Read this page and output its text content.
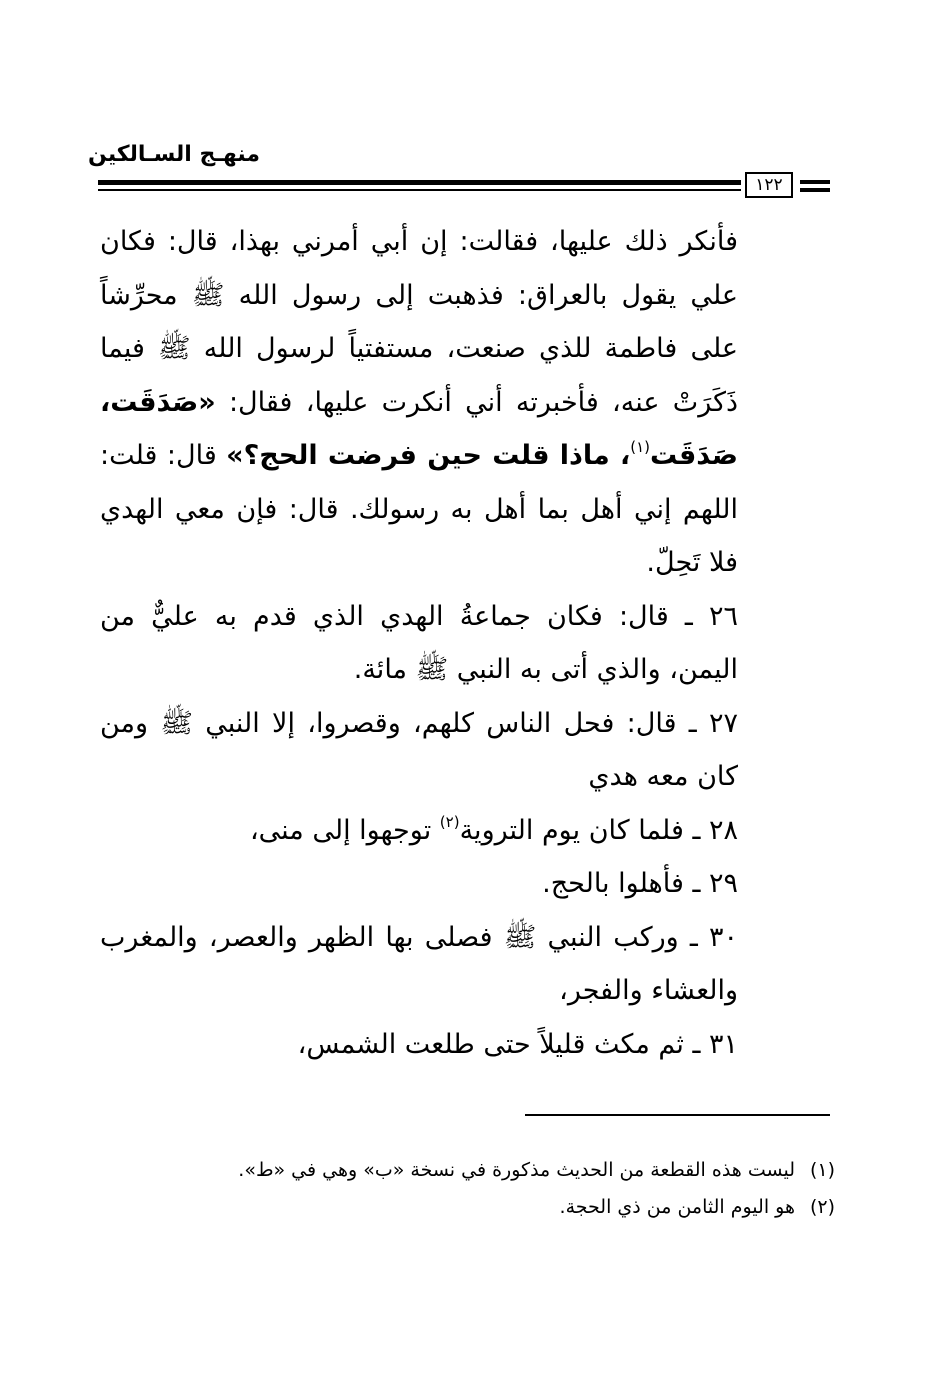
منهـج السـالكين
١٢٢

فأنكر ذلك عليها، فقالت: إن أبي أمرني بهذا، قال: فكان علي يقول بالعراق: فذهبت إلى رسول الله ﷺ محرِّشاً على فاطمة للذي صنعت، مستفتياً لرسول الله ﷺ فيما ذَكَرَتْ عنه، فأخبرته أني أنكرت عليها، فقال: «صَدَقَت، صَدَقَت$^{(١)}$، ماذا قلت حين فرضت الحج؟» قال: قلت: اللهم إني أهل بما أهل به رسولك. قال: فإن معي الهدي فلا تَحِلّ.

٢٦ ـ قال: فكان جماعةُ الهدي الذي قدم به عليٌّ من اليمن، والذي أتى به النبي ﷺ مائة.

٢٧ ـ قال: فحل الناس كلهم، وقصروا، إلا النبي ﷺ ومن كان معه هدي

٢٨ ـ فلما كان يوم التروية$^{(٢)}$ توجهوا إلى منى،

٢٩ ـ فأهلوا بالحج.

٣٠ ـ وركب النبي ﷺ فصلى بها الظهر والعصر، والمغرب والعشاء والفجر،

٣١ ـ ثم مكث قليلاً حتى طلعت الشمس،

(١)
ليست هذه القطعة من الحديث مذكورة في نسخة «ب» وهي في «ط».
(٢)
هو اليوم الثامن من ذي الحجة.
